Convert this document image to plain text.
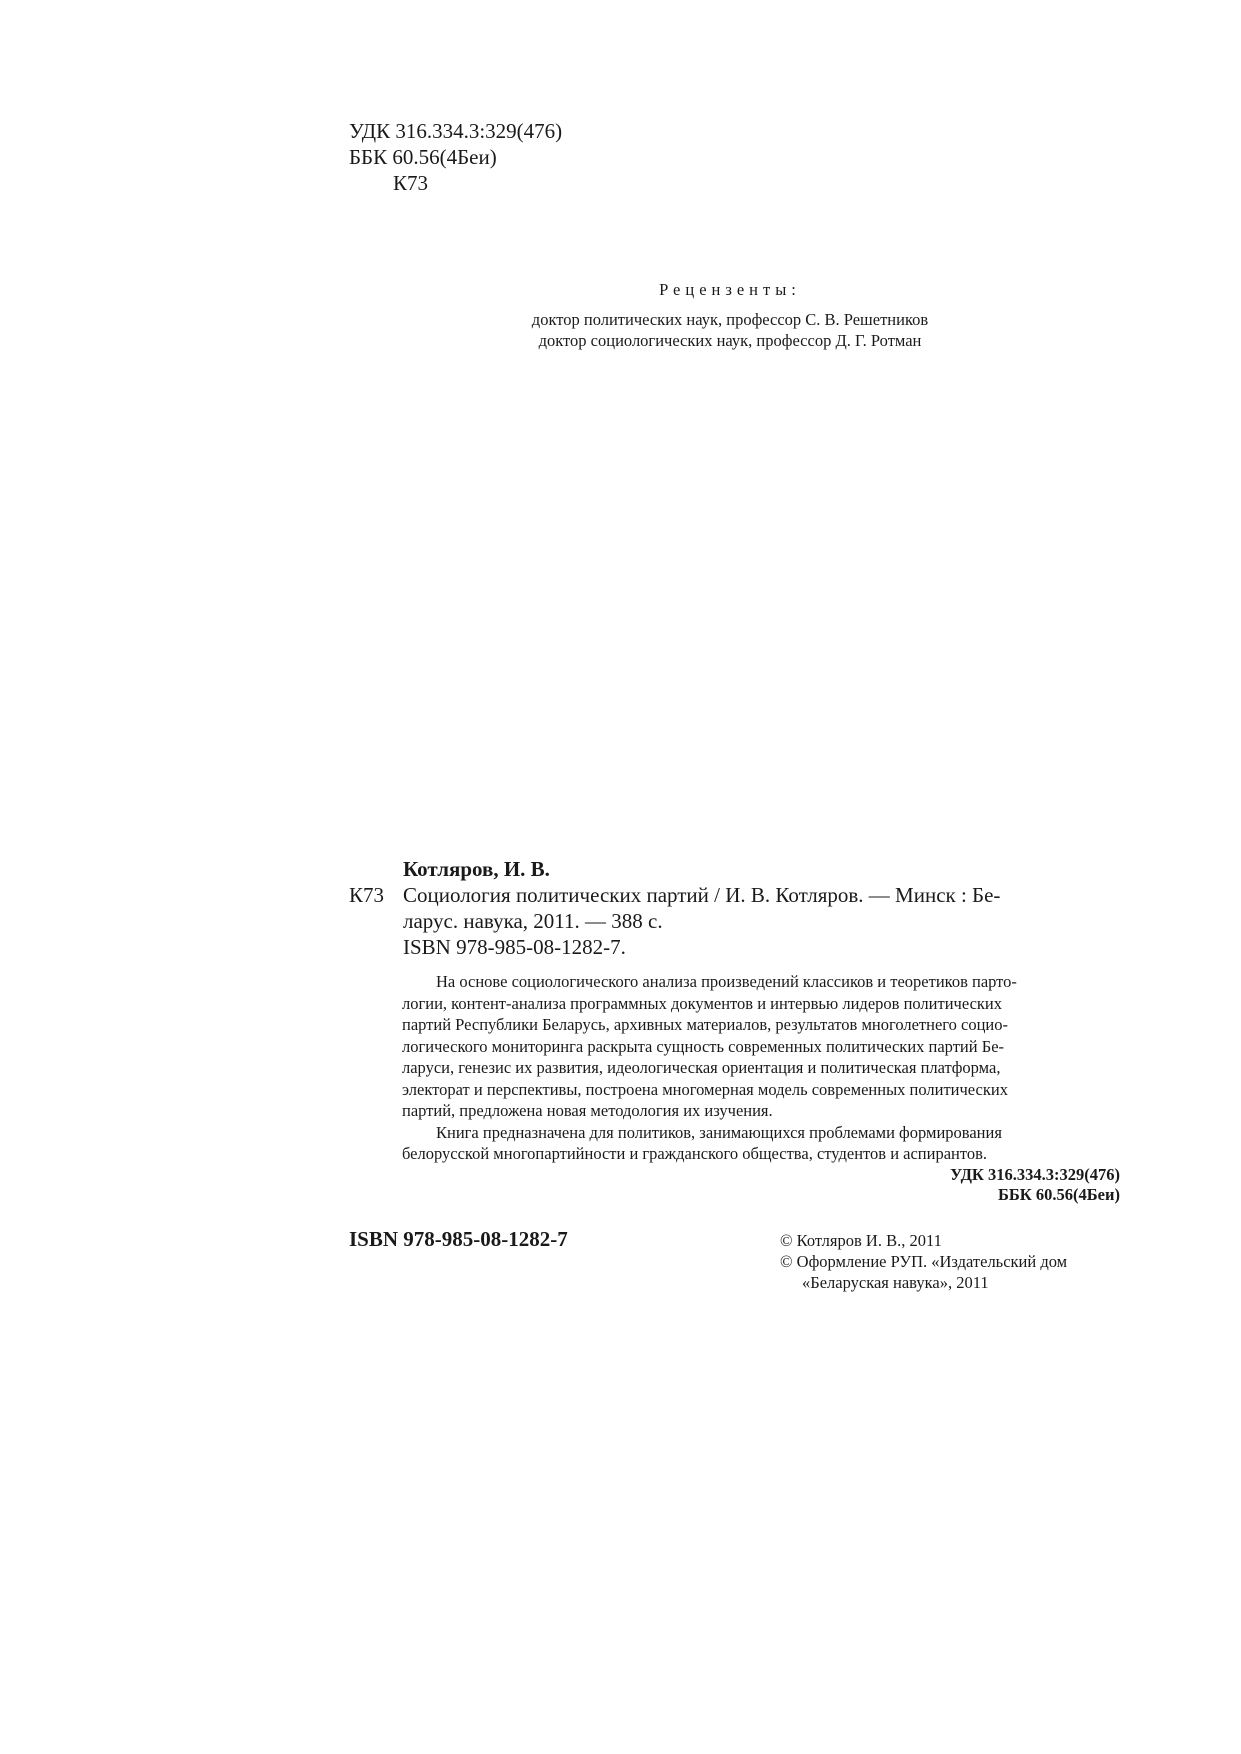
УДК 316.334.3:329(476)
ББК 60.56(4Беи)
К73
Рецензенты:
доктор политических наук, профессор С. В. Решетников
доктор социологических наук, профессор Д. Г. Ротман
Котляров, И. В.
К73 Социология политических партий / И. В. Котляров. — Минск : Бе-
ларус. навука, 2011. — 388 с.
ISBN 978-985-08-1282-7.
На основе социологического анализа произведений классиков и теоретиков парто-
логии, контент-анализа программных документов и интервью лидеров политических
партий Республики Беларусь, архивных материалов, результатов многолетнего социо-
логического мониторинга раскрыта сущность современных политических партий Бе-
ларуси, генезис их развития, идеологическая ориентация и политическая платформа,
электорат и перспективы, построена многомерная модель современных политических
партий, предложена новая методология их изучения.
Книга предназначена для политиков, занимающихся проблемами формирования
белорусской многопартийности и гражданского общества, студентов и аспирантов.
УДК 316.334.3:329(476)
ББК 60.56(4Беи)
ISBN 978-985-08-1282-7	© Котляров И. В., 2011
© Оформление РУП. «Издательский дом
«Беларуская навука», 2011
